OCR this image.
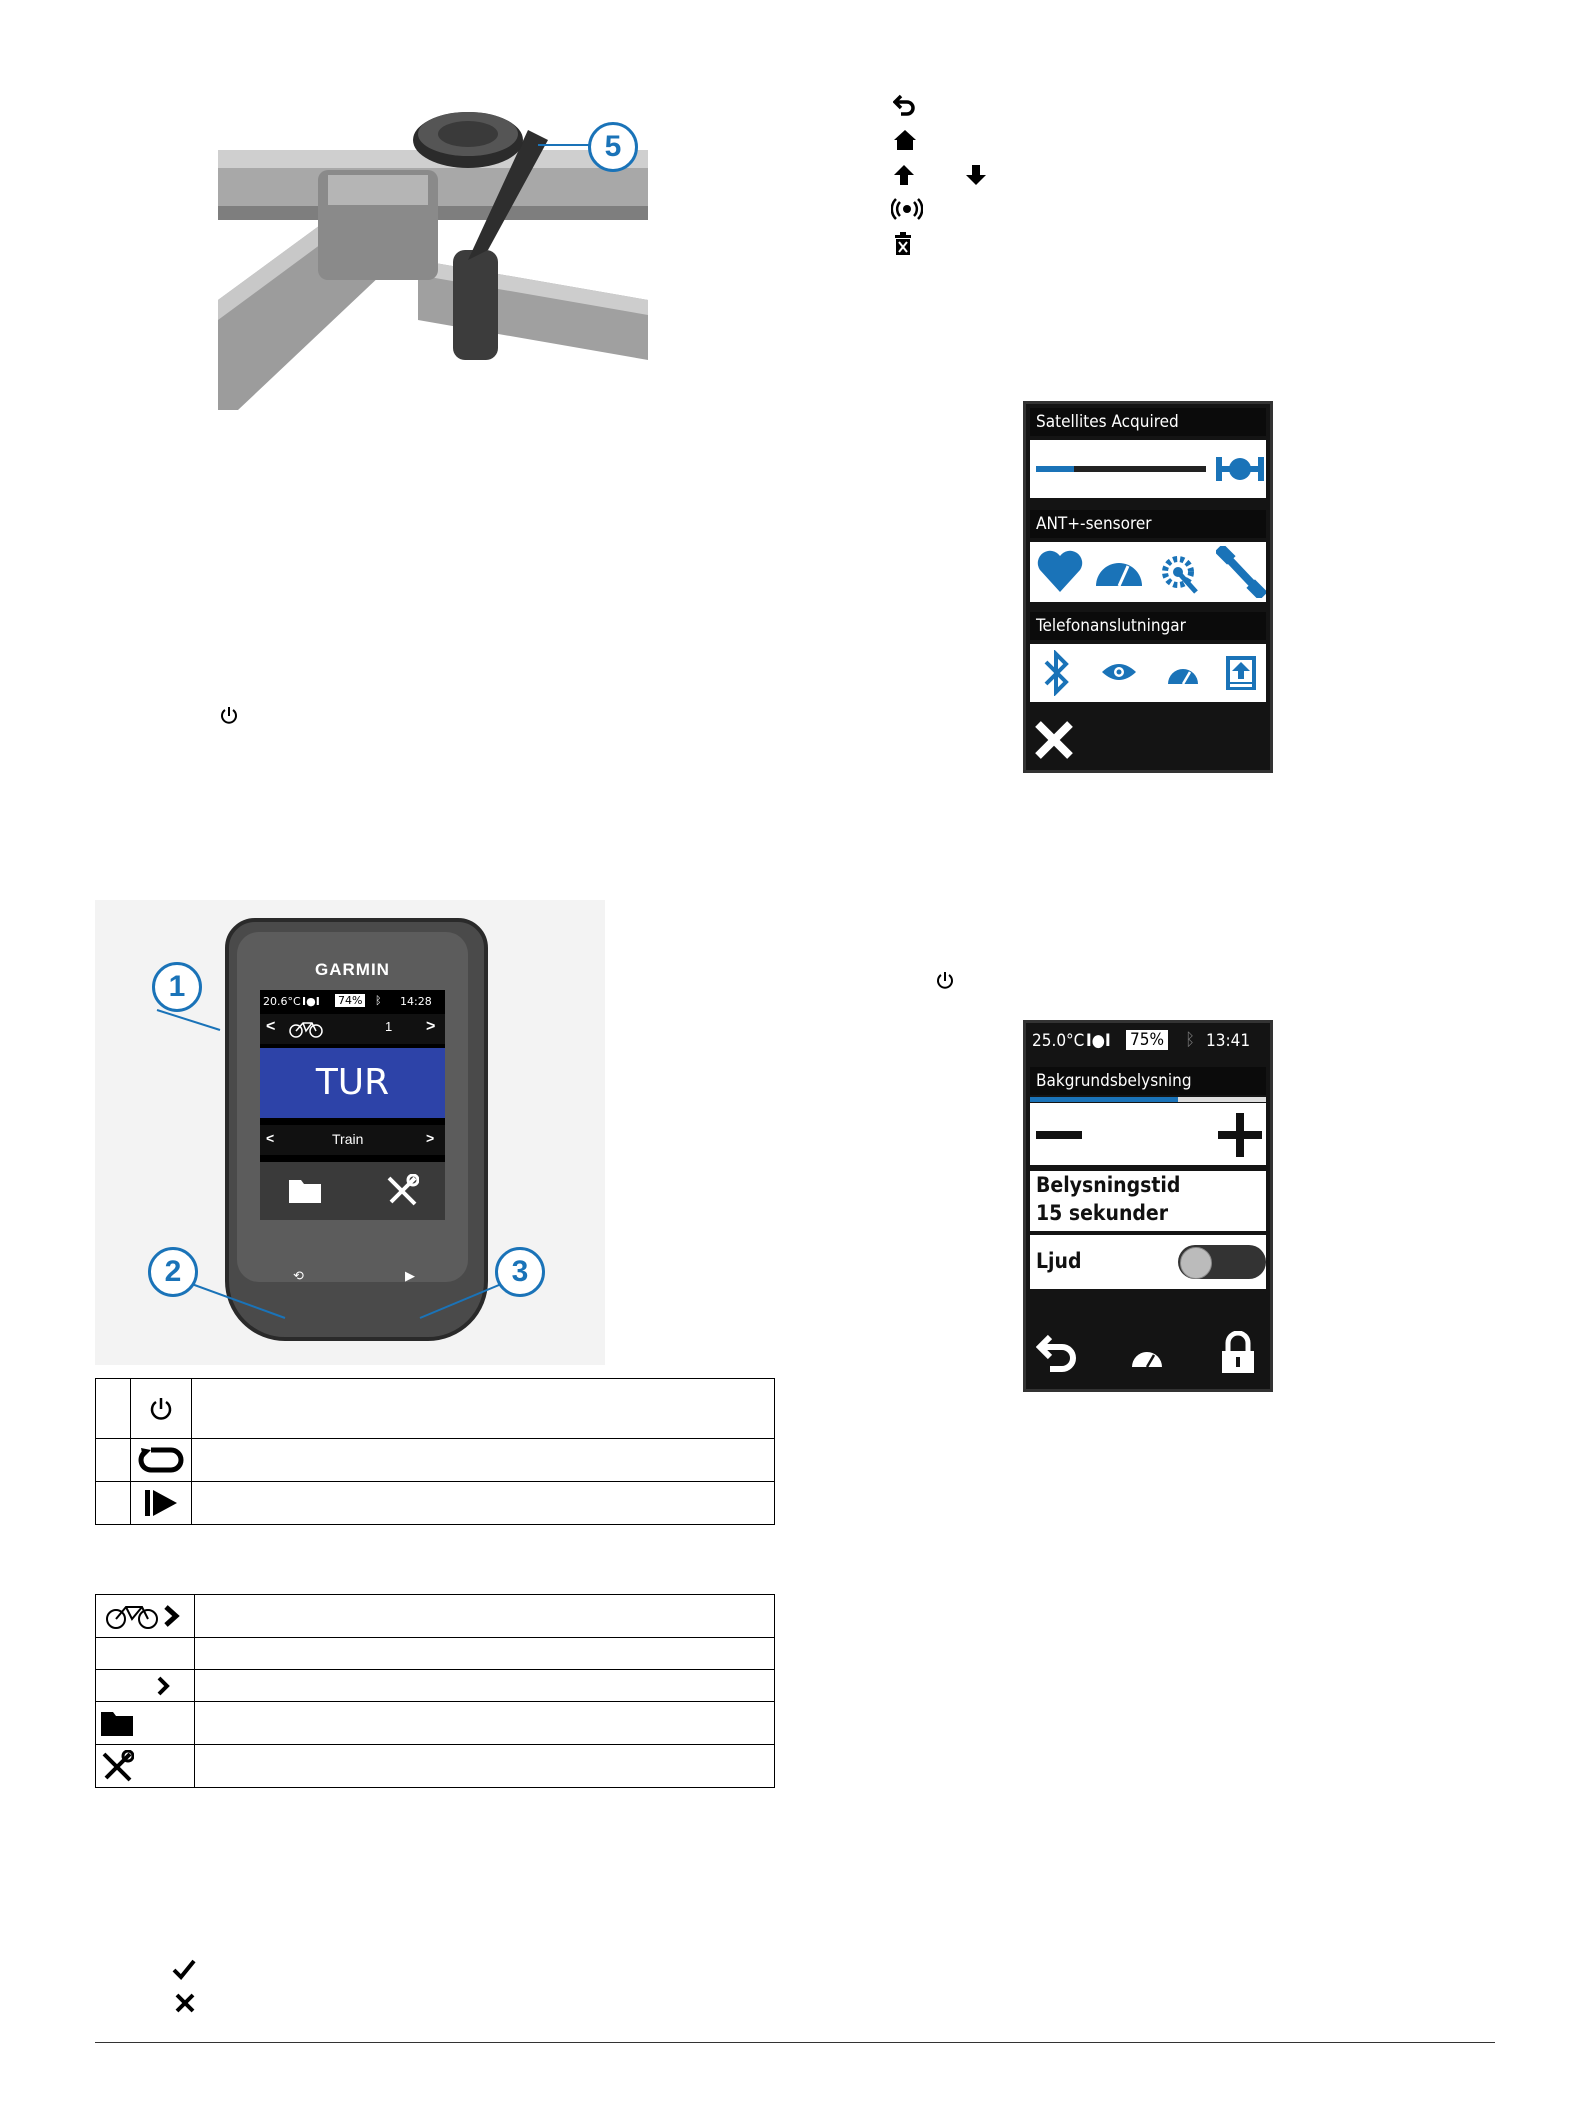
5
GARMIN
20.6°C I●I 74% ᛒ 14:28
<	1 >
TUR
<	Train	>
⟲	▶
1
2	3

Satellites Acquired
ANT+-sensorer
Telefonanslutningar
25.0°C I●I 75% ᛒ 13:41
Bakgrundsbelysning
Belysningstid
15 sekunder
Ljud
